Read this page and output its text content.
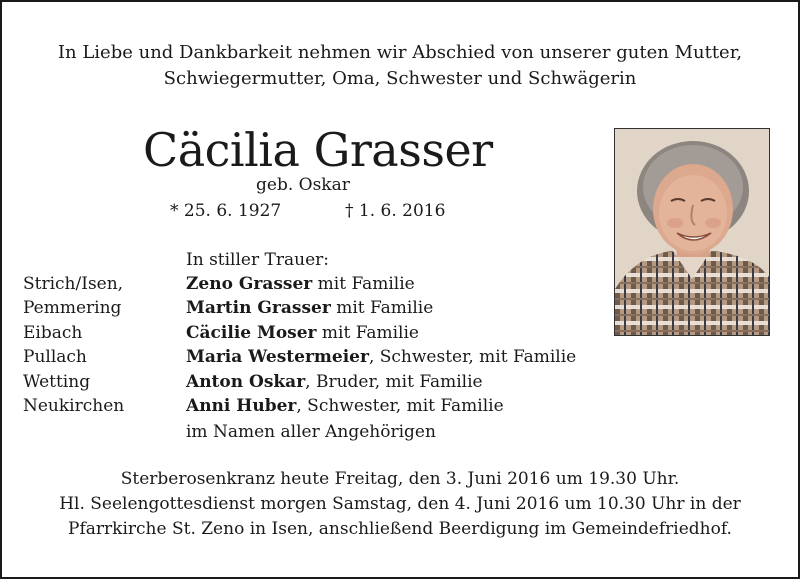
In Liebe und Dankbarkeit nehmen wir Abschied von unserer guten Mutter,
Schwiegermutter, Oma, Schwester und Schwägerin
Cäcilia Grasser
geb. Oskar
* 25. 6. 1927	† 1. 6. 2016
In stiller Trauer:
Strich/Isen,	Zeno Grasser mit Familie
Pemmering	Martin Grasser mit Familie
Eibach	Cäcilie Moser mit Familie
Pullach	Maria Westermeier, Schwester, mit Familie
Wetting	Anton Oskar, Bruder, mit Familie
Neukirchen	Anni Huber, Schwester, mit Familie
im Namen aller Angehörigen
Sterberosenkranz heute Freitag, den 3. Juni 2016 um 19.30 Uhr.
Hl. Seelengottesdienst morgen Samstag, den 4. Juni 2016 um 10.30 Uhr in der
Pfarrkirche St. Zeno in Isen, anschließend Beerdigung im Gemeindefriedhof.
